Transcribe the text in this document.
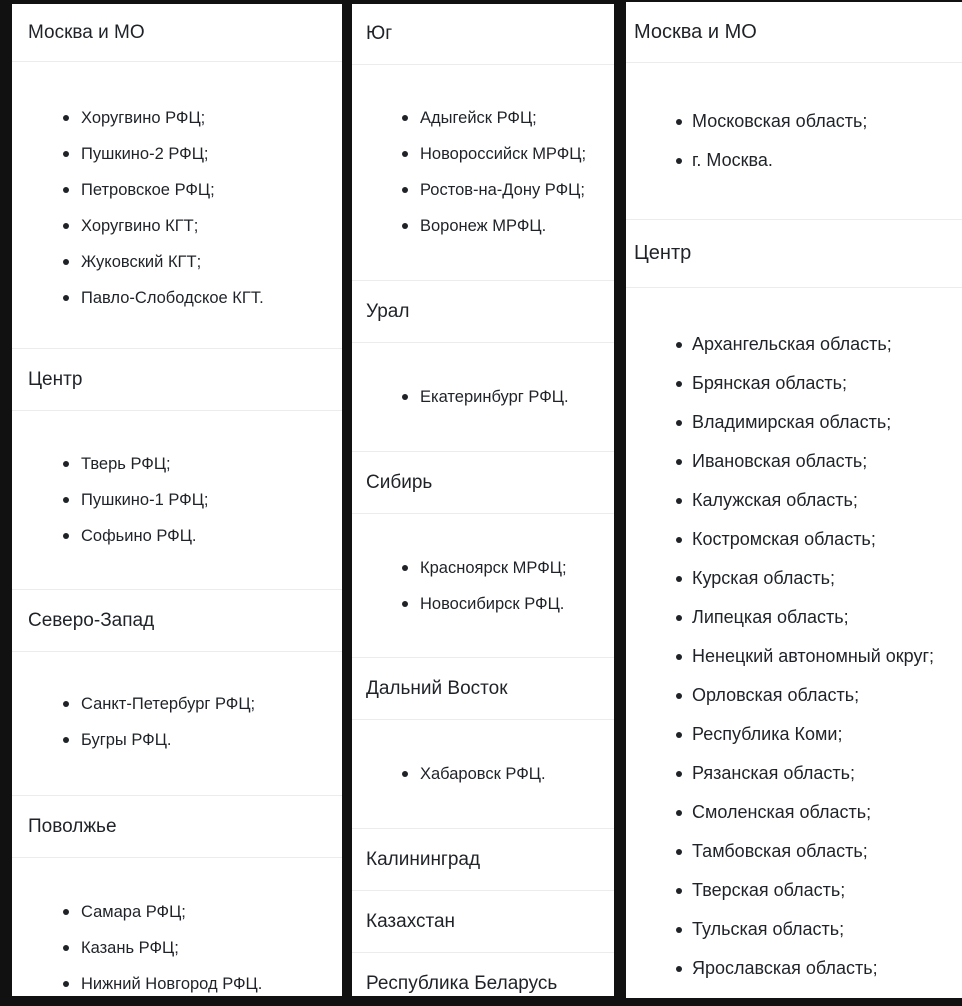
Москва и МО
Хоругвино РФЦ;
Пушкино-2 РФЦ;
Петровское РФЦ;
Хоругвино КГТ;
Жуковский КГТ;
Павло-Слободское КГТ.
Центр
Тверь РФЦ;
Пушкино-1 РФЦ;
Софьино РФЦ.
Северо-Запад
Санкт-Петербург РФЦ;
Бугры РФЦ.
Поволжье
Самара РФЦ;
Казань РФЦ;
Нижний Новгород РФЦ.
Юг
Адыгейск РФЦ;
Новороссийск МРФЦ;
Ростов-на-Дону РФЦ;
Воронеж МРФЦ.
Урал
Екатеринбург РФЦ.
Сибирь
Красноярск МРФЦ;
Новосибирск РФЦ.
Дальний Восток
Хабаровск РФЦ.
Калининград
Казахстан
Республика Беларусь
Москва и МО
Московская область;
г. Москва.
Центр
Архангельская область;
Брянская область;
Владимирская область;
Ивановская область;
Калужская область;
Костромская область;
Курская область;
Липецкая область;
Ненецкий автономный округ;
Орловская область;
Республика Коми;
Рязанская область;
Смоленская область;
Тамбовская область;
Тверская область;
Тульская область;
Ярославская область;
